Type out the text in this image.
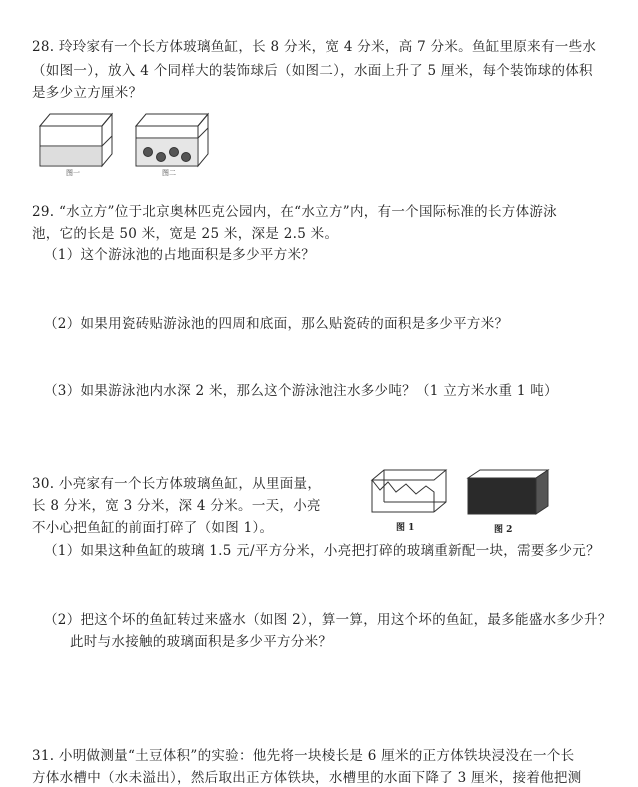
28. 玲玲家有一个长方体玻璃鱼缸，长 8 分米，宽 4 分米，高 7 分米。鱼缸里原来有一些水
（如图一），放入 4 个同样大的装饰球后（如图二），水面上升了 5 厘米，每个装饰球的体积
是多少立方厘米？
图一	图二
29. “水立方”位于北京奥林匹克公园内，在“水立方”内，有一个国际标准的长方体游泳
池，它的长是 50 米，宽是 25 米，深是 2.5 米。
（1）这个游泳池的占地面积是多少平方米？
（2）如果用瓷砖贴游泳池的四周和底面，那么贴瓷砖的面积是多少平方米？
（3）如果游泳池内水深 2 米，那么这个游泳池注水多少吨？（1 立方米水重 1 吨）
30. 小亮家有一个长方体玻璃鱼缸，从里面量，
长 8 分米，宽 3 分米，深 4 分米。一天，小亮
不小心把鱼缸的前面打碎了（如图 1）。	图 1	图 2
（1）如果这种鱼缸的玻璃 1.5 元/平方分米，小亮把打碎的玻璃重新配一块，需要多少元？
（2）把这个坏的鱼缸转过来盛水（如图 2），算一算，用这个坏的鱼缸，最多能盛水多少升？
此时与水接触的玻璃面积是多少平方分米？
31. 小明做测量“土豆体积”的实验：他先将一块棱长是 6 厘米的正方体铁块浸没在一个长
方体水槽中（水未溢出），然后取出正方体铁块，水槽里的水面下降了 3 厘米，接着他把测
